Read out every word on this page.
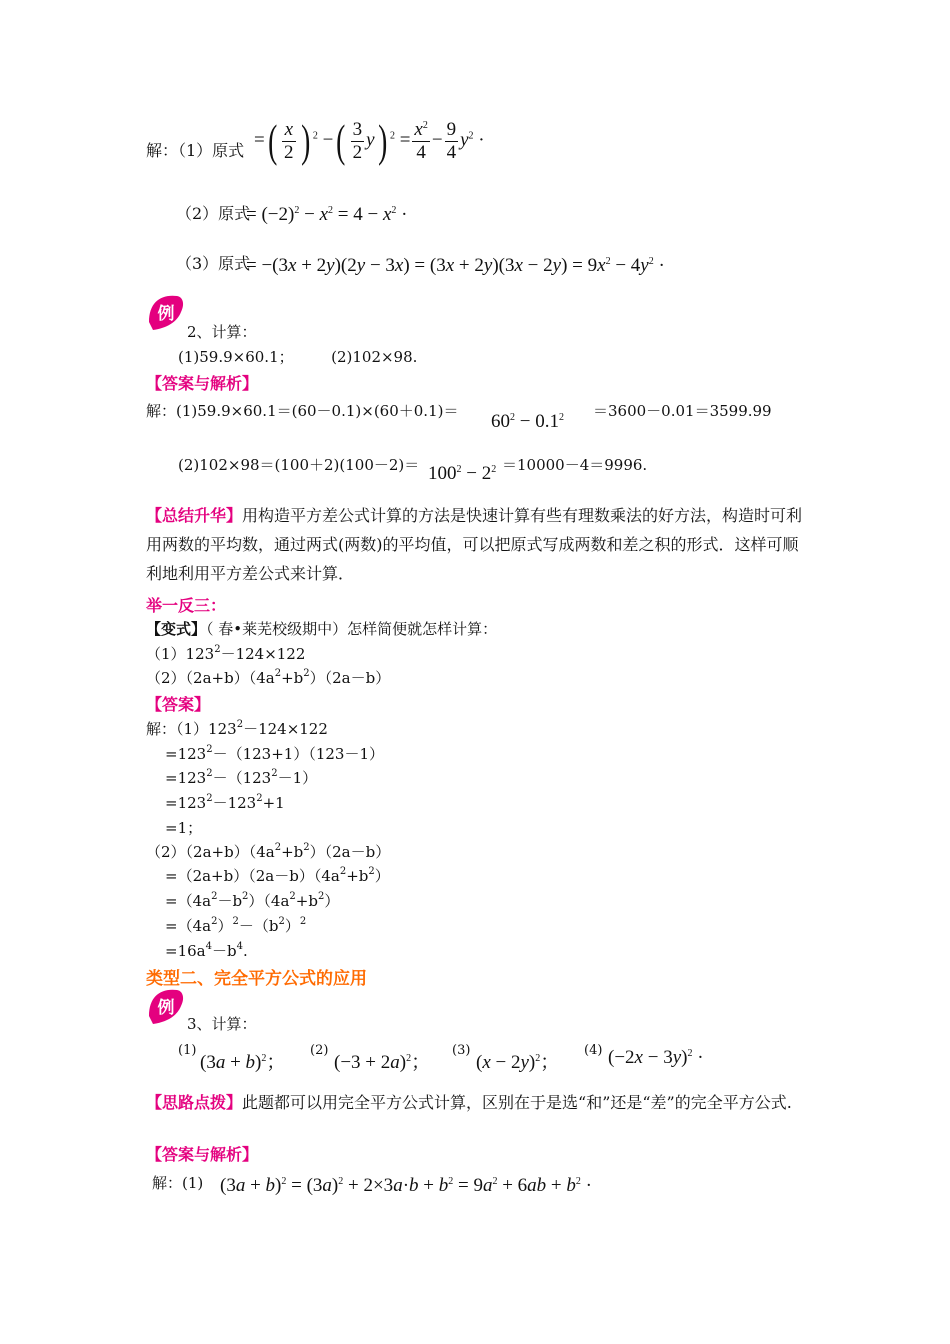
解：（1）原式
=( $\frac{x}{2}$ ) $^2$ −( $\frac{3}{2} y$) $^2 = \frac{x^2}{4} - \frac{9}{4} y^2$ ·
（2）原式
= $(-2)^2 - x^2 = 4 - x^2$ ·
（3）原式
= $-(3x + 2y)(2y - 3x) = (3x + 2y)(3x - 2y) = 9x^2 - 4y^2$ ·
例
2、计算：
(1)59.9×60.1；　　　(2)102×98.
【答案与解析】
解：$(1)59.9\times 60.1=(60-0.1)\times(60+0.1)= 60^2 - 0.1^2 =3600-0.01=3599.99$
$(2)102\times 98=(100+2)(100-2)= 100^2 - 2^2 =10000-4=9996$.
【总结升华】用构造平方差公式计算的方法是快速计算有些有理数乘法的好方法，构造时可利用两数的平均数，通过两式(两数)的平均值，可以把原式写成两数和差之积的形式．这样可顺利地利用平方差公式来计算．
举一反三：
【变式】（ 春•莱芜校级期中）怎样简便就怎样计算：
$(1)123^2-124\times 122$
$(2)(2a+b)(4a^2+b^2)(2a-b)$
【答案】
解：$(1)123^2-124\times 122$
$=123^2-(123+1)(123-1)$
$=123^2-(123^2-1)$
$=123^2-123^2+1$
=1；
$(2)(2a+b)(4a^2+b^2)(2a-b)$
$=(2a+b)(2a-b)(4a^2+b^2)$
$=(4a^2-b^2)(4a^2+b^2)$
$=(4a^2)^2-(b^2)^2$
$=16a^4-b^4$.
类型二、完全平方公式的应用
例
3、计算：
(1)
$(3a + b)^2$；
(2)
$(-3 + 2a)^2$；
(3)
$(x - 2y)^2$；
(4) $(-2x - 3y)^2$ ·
【思路点拨】此题都可以用完全平方公式计算，区别在于是选“和”还是“差”的完全平方公式.
【答案与解析】
解：(1) $(3a + b)^2 = (3a)^2 + 2\times 3a\cdot b + b^2 = 9a^2 + 6ab + b^2$ ·
